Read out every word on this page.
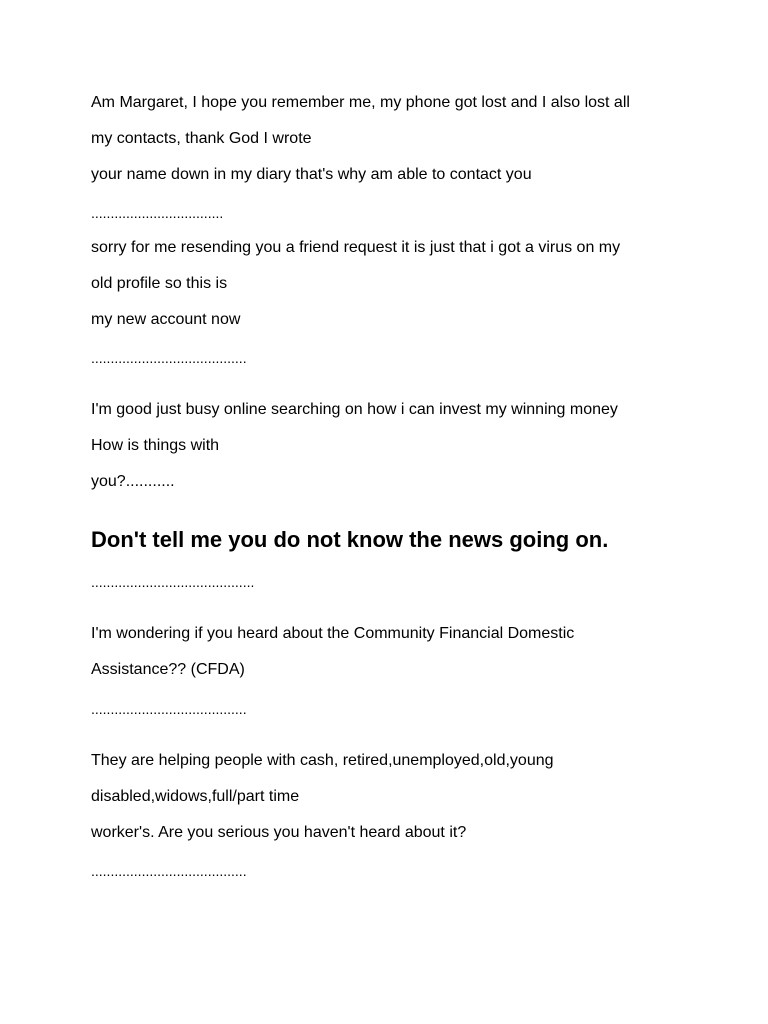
Am Margaret, I hope you remember me, my phone got lost and I also lost all
my contacts, thank God I wrote
your name down in my diary that's why am able to contact you
..................................
sorry for me resending you a friend request it is just that i got a virus on my
old profile so this is
my new account now
........................................
I'm good just busy online searching on how i can invest my winning money
How is things with
you?...........
Don't tell me you do not know the news going on.
..........................................
I'm wondering if you heard about the Community Financial Domestic
Assistance?? (CFDA)
........................................
They are helping people with cash, retired,unemployed,old,young
disabled,widows,full/part time
worker's. Are you serious you haven't heard about it?
........................................
